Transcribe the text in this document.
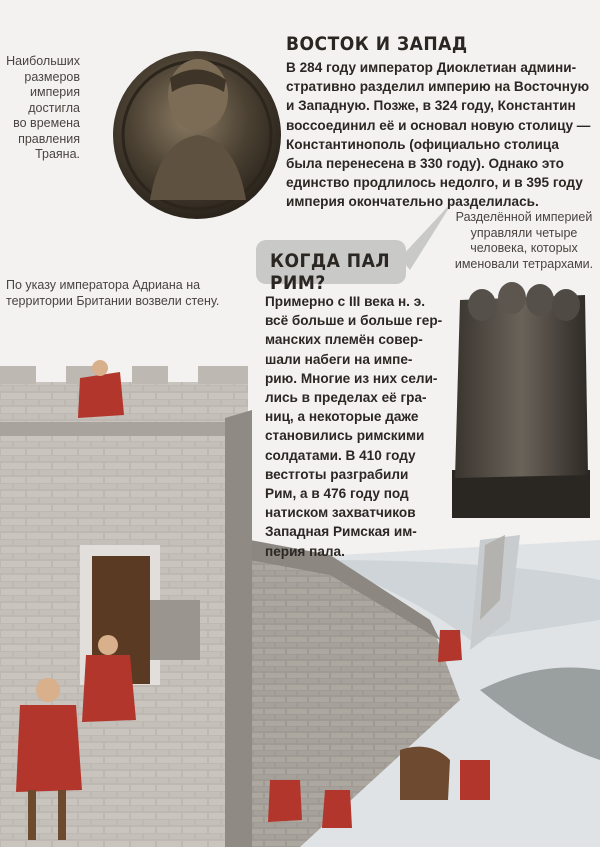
Наибольших
размеров
империя достигла
во времена
правления Траяна.
ВОСТОК И ЗАПАД
В 284 году император Диоклетиан админи-
стративно разделил империю на Восточную
и Западную. Позже, в 324 году, Константин
воссоединил её и основал новую столицу —
Константинополь (официально столица
была перенесена в 330 году). Однако это
единство продлилось недолго, и в 395 году
империя окончательно разделилась.
Разделённой империей
управляли четыре
человека, которых
именовали тетрархами.
КОГДА ПАЛ РИМ?
По указу императора Адриана на
территории Британии возвели стену.	Примерно с III века н. э.
всё больше и больше гер-
манских племён совер-
шали набеги на импе-
рию. Многие из них сели-
лись в пределах её гра-
ниц, а некоторые даже
становились римскими
солдатами. В 410 году
вестготы разграбили
Рим, а в 476 году под
натиском захватчиков
Западная Римская им-
перия пала.
